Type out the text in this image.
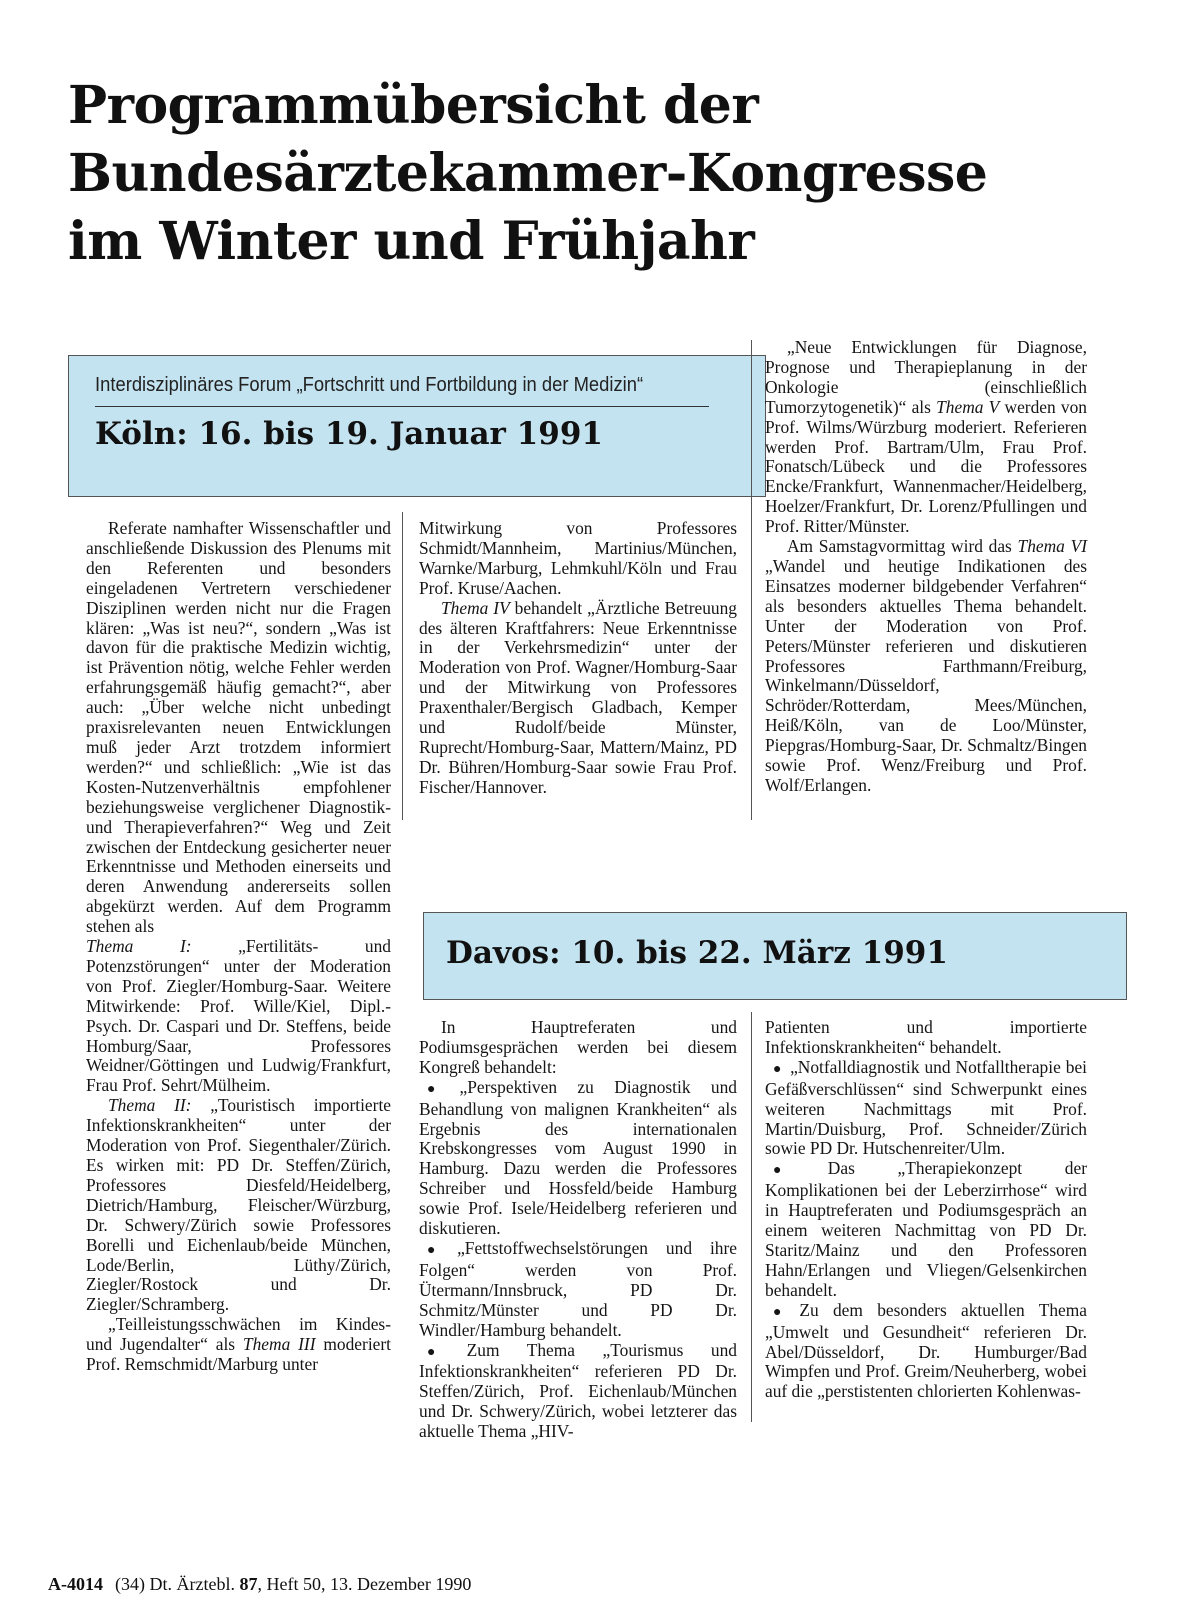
Programmübersicht der
Bundesärztekammer-Kongresse
im Winter und Frühjahr
Interdisziplinäres Forum „Fortschritt und Fortbildung in der Medizin“
Köln: 16. bis 19. Januar 1991

Referate namhafter Wissenschaftler und anschließende Diskussion des Plenums mit den Referenten und besonders eingeladenen Vertretern verschiedener Disziplinen werden nicht nur die Fragen klären: „Was ist neu?“, sondern „Was ist davon für die praktische Medizin wichtig, ist Prävention nötig, welche Fehler werden erfahrungsgemäß häufig gemacht?“, aber auch: „Über welche nicht unbedingt praxisrelevanten neuen Entwicklungen muß jeder Arzt trotzdem informiert werden?“ und schließlich: „Wie ist das Kosten-Nutzenverhältnis empfohlener beziehungsweise verglichener Diagnostik- und Therapieverfahren?“ Weg und Zeit zwischen der Entdeckung gesicherter neuer Erkenntnisse und Methoden einerseits und deren Anwendung andererseits sollen abgekürzt werden. Auf dem Programm stehen als

Thema I: „Fertilitäts- und Potenzstörungen“ unter der Moderation von Prof. Ziegler/Homburg-Saar. Weitere Mitwirkende: Prof. Wille/Kiel, Dipl.-Psych. Dr. Caspari und Dr. Steffens, beide Homburg/Saar, Professores Weidner/Göttingen und Ludwig/Frankfurt, Frau Prof. Sehrt/Mülheim.

Thema II: „Touristisch importierte Infektionskrankheiten“ unter der Moderation von Prof. Siegenthaler/Zürich. Es wirken mit: PD Dr. Steffen/Zürich, Professores Diesfeld/Heidelberg, Dietrich/Hamburg, Fleischer/Würzburg, Dr. Schwery/Zürich sowie Professores Borelli und Eichenlaub/beide München, Lode/Berlin, Lüthy/Zürich, Ziegler/Rostock und Dr. Ziegler/Schramberg.

„Teilleistungsschwächen im Kindes- und Jugendalter“ als Thema III moderiert Prof. Remschmidt/Marburg unter

Mitwirkung von Professores Schmidt/Mannheim, Martinius/München, Warnke/Marburg, Lehmkuhl/Köln und Frau Prof. Kruse/Aachen.

Thema IV behandelt „Ärztliche Betreuung des älteren Kraftfahrers: Neue Erkenntnisse in der Verkehrsmedizin“ unter der Moderation von Prof. Wagner/Homburg-Saar und der Mitwirkung von Professores Praxenthaler/Bergisch Gladbach, Kemper und Rudolf/beide Münster, Ruprecht/Homburg-Saar, Mattern/Mainz, PD Dr. Bühren/Homburg-Saar sowie Frau Prof. Fischer/Hannover.

„Neue Entwicklungen für Diagnose, Prognose und Therapieplanung in der Onkologie (einschließlich Tumorzytogenetik)“ als Thema V werden von Prof. Wilms/Würzburg moderiert. Referieren werden Prof. Bartram/Ulm, Frau Prof. Fonatsch/Lübeck und die Professores Encke/Frankfurt, Wannenmacher/Heidelberg, Hoelzer/Frankfurt, Dr. Lorenz/Pfullingen und Prof. Ritter/Münster.

Am Samstagvormittag wird das Thema VI „Wandel und heutige Indikationen des Einsatzes moderner bildgebender Verfahren“ als besonders aktuelles Thema behandelt. Unter der Moderation von Prof. Peters/Münster referieren und diskutieren Professores Farthmann/Freiburg, Winkelmann/Düsseldorf, Schröder/Rotterdam, Mees/München, Heiß/Köln, van de Loo/Münster, Piepgras/Homburg-Saar, Dr. Schmaltz/Bingen sowie Prof. Wenz/Freiburg und Prof. Wolf/Erlangen.

Davos: 10. bis 22. März 1991

In Hauptreferaten und Podiumsgesprächen werden bei diesem Kongreß behandelt:

● „Perspektiven zu Diagnostik und Behandlung von malignen Krankheiten“ als Ergebnis des internationalen Krebskongresses vom August 1990 in Hamburg. Dazu werden die Professores Schreiber und Hossfeld/beide Hamburg sowie Prof. Isele/Heidelberg referieren und diskutieren.

● „Fettstoffwechselstörungen und ihre Folgen“ werden von Prof. Ütermann/Innsbruck, PD Dr. Schmitz/Münster und PD Dr. Windler/Hamburg behandelt.

● Zum Thema „Tourismus und Infektionskrankheiten“ referieren PD Dr. Steffen/Zürich, Prof. Eichenlaub/München und Dr. Schwery/Zürich, wobei letzterer das aktuelle Thema „HIV-

Patienten und importierte Infektionskrankheiten“ behandelt.

● „Notfalldiagnostik und Notfalltherapie bei Gefäßverschlüssen“ sind Schwerpunkt eines weiteren Nachmittags mit Prof. Martin/Duisburg, Prof. Schneider/Zürich sowie PD Dr. Hutschenreiter/Ulm.

● Das „Therapiekonzept der Komplikationen bei der Leberzirrhose“ wird in Hauptreferaten und Podiumsgespräch an einem weiteren Nachmittag von PD Dr. Staritz/Mainz und den Professoren Hahn/Erlangen und Vliegen/Gelsenkirchen behandelt.

● Zu dem besonders aktuellen Thema „Umwelt und Gesundheit“ referieren Dr. Abel/Düsseldorf, Dr. Humburger/Bad Wimpfen und Prof. Greim/Neuherberg, wobei auf die „perstistenten chlorierten Kohlenwas-

A-4014 (34) Dt. Ärztebl. 87, Heft 50, 13. Dezember 1990
